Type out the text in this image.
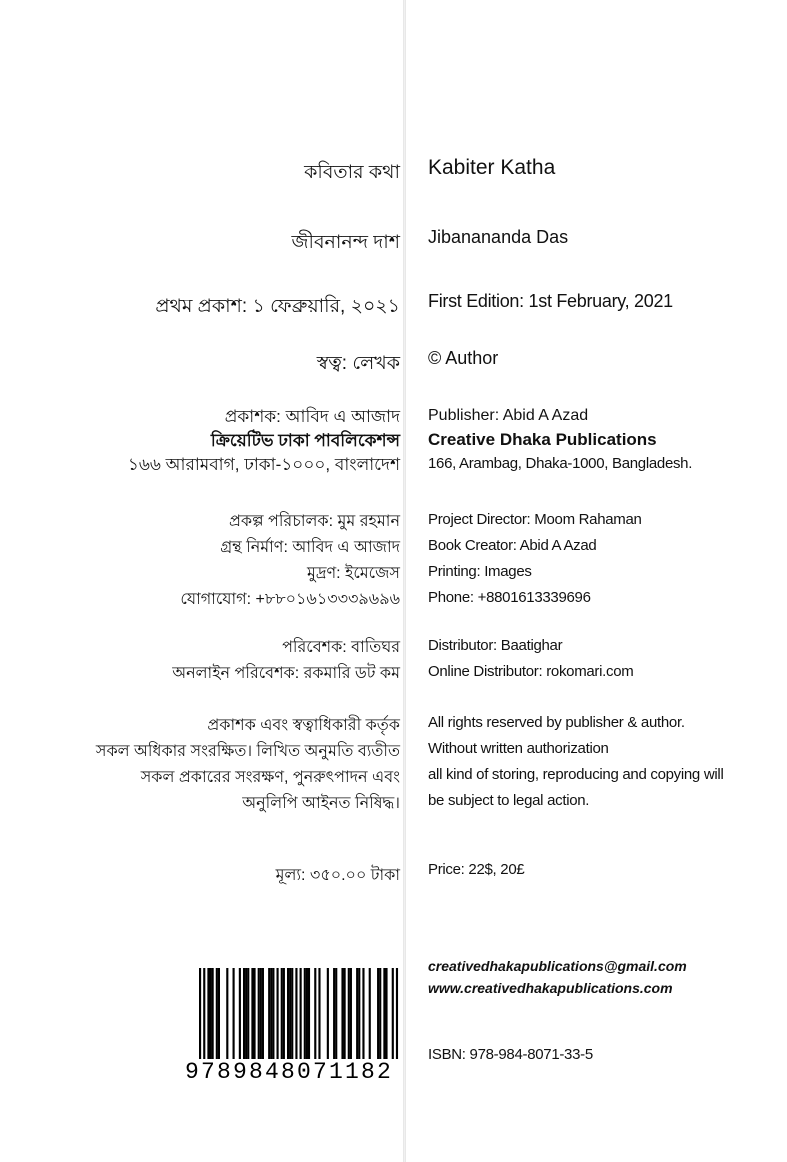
কবিতার কথা
জীবনানন্দ দাশ
প্রথম প্রকাশ: ১ ফেব্রুয়ারি, ২০২১
স্বত্ব: লেখক
প্রকাশক: আবিদ এ আজাদ
ক্রিয়েটিভ ঢাকা পাবলিকেশন্স
১৬৬ আরামবাগ, ঢাকা-১০০০, বাংলাদেশ
প্রকল্প পরিচালক: মুম রহমান
গ্রন্থ নির্মাণ: আবিদ এ আজাদ
মুদ্রণ: ইমেজেস
যোগাযোগ: +৮৮০১৬১৩৩৩৯৬৯৬
পরিবেশক: বাতিঘর
অনলাইন পরিবেশক: রকমারি ডট কম
প্রকাশক এবং স্বত্বাধিকারী কর্তৃক
সকল অধিকার সংরক্ষিত। লিখিত অনুমতি ব্যতীত
সকল প্রকারের সংরক্ষণ, পুনরুৎপাদন এবং
অনুলিপি আইনত নিষিদ্ধ।
মূল্য: ৩৫০.০০ টাকা
Kabiter Katha
Jibanananda Das
First Edition: 1st February, 2021
© Author
Publisher: Abid A Azad
Creative Dhaka Publications
166, Arambag, Dhaka-1000, Bangladesh.
Project Director: Moom Rahaman
Book Creator: Abid A Azad
Printing: Images
Phone: +8801613339696
Distributor: Baatighar
Online Distributor: rokomari.com
All rights reserved by publisher & author.
Without written authorization
all kind of storing, reproducing and copying will
be subject to legal action.
Price: 22$, 20£
creativedhakapublications@gmail.com
www.creativedhakapublications.com
ISBN: 978-984-8071-33-5
9789848071182
